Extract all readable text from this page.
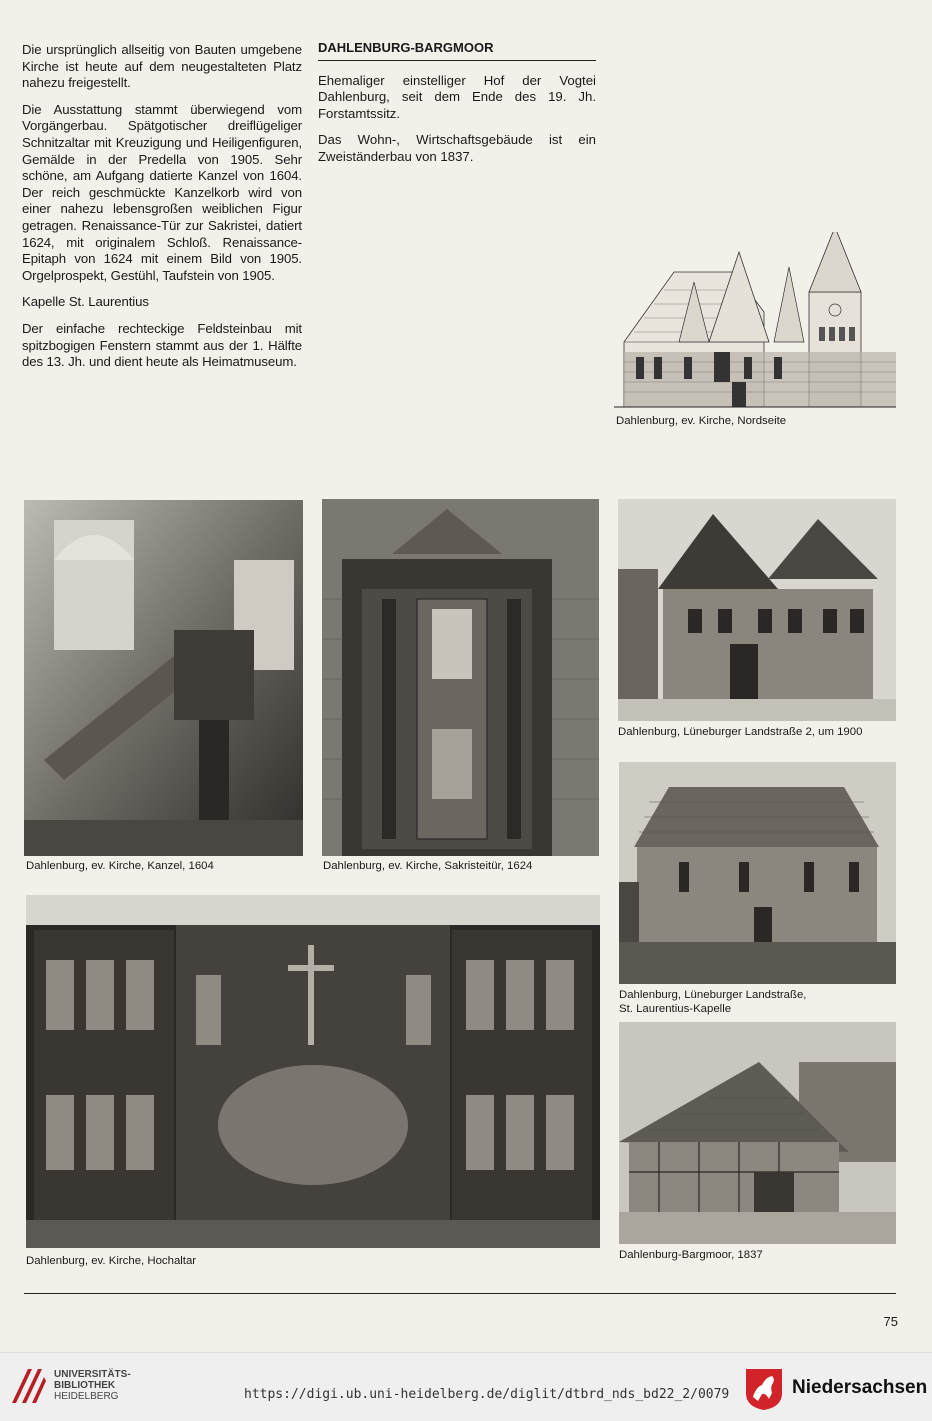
Die ursprünglich allseitig von Bauten umgebene Kirche ist heute auf dem neugestalteten Platz nahezu freigestellt.

Die Ausstattung stammt überwiegend vom Vorgängerbau. Spätgotischer dreiflügeliger Schnitzaltar mit Kreuzigung und Heiligenfiguren, Gemälde in der Predella von 1905. Sehr schöne, am Aufgang datierte Kanzel von 1604. Der reich geschmückte Kanzelkorb wird von einer nahezu lebensgroßen weiblichen Figur getragen. Renaissance-Tür zur Sakristei, datiert 1624, mit originalem Schloß. Renaissance-Epitaph von 1624 mit einem Bild von 1905. Orgelprospekt, Gestühl, Taufstein von 1905.

Kapelle St. Laurentius

Der einfache rechteckige Feldsteinbau mit spitzbogigen Fenstern stammt aus der 1. Hälfte des 13. Jh. und dient heute als Heimatmuseum.

DAHLENBURG-BARGMOOR

Ehemaliger einstelliger Hof der Vogtei Dahlenburg, seit dem Ende des 19. Jh. Forstamtssitz.

Das Wohn-, Wirtschaftsgebäude ist ein Zweiständerbau von 1837.

Dahlenburg, ev. Kirche, Nordseite
Dahlenburg, ev. Kirche, Kanzel, 1604	Dahlenburg, ev. Kirche, Sakristeitür, 1624
Dahlenburg, Lüneburger Landstraße 2, um 1900
Dahlenburg, Lüneburger Landstraße,
St. Laurentius-Kapelle
Dahlenburg, ev. Kirche, Hochaltar	Dahlenburg-Bargmoor, 1837
75
UNIVERSITÄTS-
BIBLIOTHEK
HEIDELBERG	https://digi.ub.uni-heidelberg.de/diglit/dtbrd_nds_bd22_2/0079	Niedersachsen
